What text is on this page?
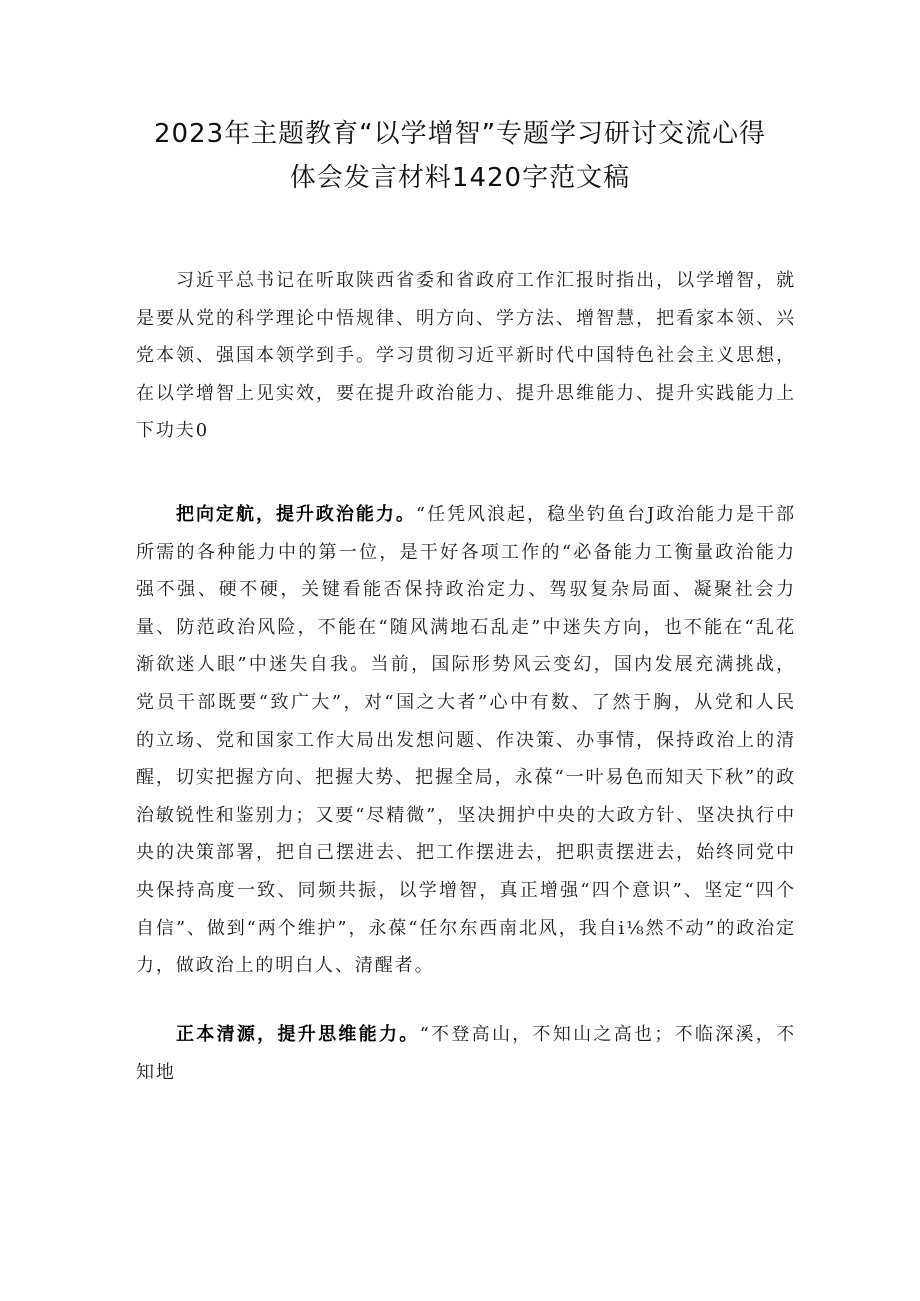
2023年主题教育“以学增智”专题学习研讨交流心得
体会发言材料1420字范文稿

习近平总书记在听取陕西省委和省政府工作汇报时指出，以学增智，就是要从党的科学理论中悟规律、明方向、学方法、增智慧，把看家本领、兴党本领、强国本领学到手。学习贯彻习近平新时代中国特色社会主义思想，在以学增智上见实效，要在提升政治能力、提升思维能力、提升实践能力上下功夫0

把向定航，提升政治能力。“任凭风浪起，稳坐钓鱼台J政治能力是干部所需的各种能力中的第一位，是干好各项工作的“必备能力工衡量政治能力强不强、硬不硬，关键看能否保持政治定力、驾驭复杂局面、凝聚社会力量、防范政治风险，不能在“随风满地石乱走”中迷失方向，也不能在“乱花渐欲迷人眼”中迷失自我。当前，国际形势风云变幻，国内发展充满挑战，党员干部既要“致广大”，对“国之大者”心中有数、了然于胸，从党和人民的立场、党和国家工作大局出发想问题、作决策、办事情，保持政治上的清醒，切实把握方向、把握大势、把握全局，永葆“一叶易色而知天下秋”的政治敏锐性和鉴别力；又要“尽精微”，坚决拥护中央的大政方针、坚决执行中央的决策部署，把自己摆进去、把工作摆进去，把职责摆进去，始终同党中央保持高度一致、同频共振，以学增智，真正增强“四个意识”、坚定“四个自信”、做到“两个维护”，永葆“任尔东西南北风，我自i⅛然不动”的政治定力，做政治上的明白人、清醒者。

正本清源，提升思维能力。“不登高山，不知山之高也；不临深溪，不知地
